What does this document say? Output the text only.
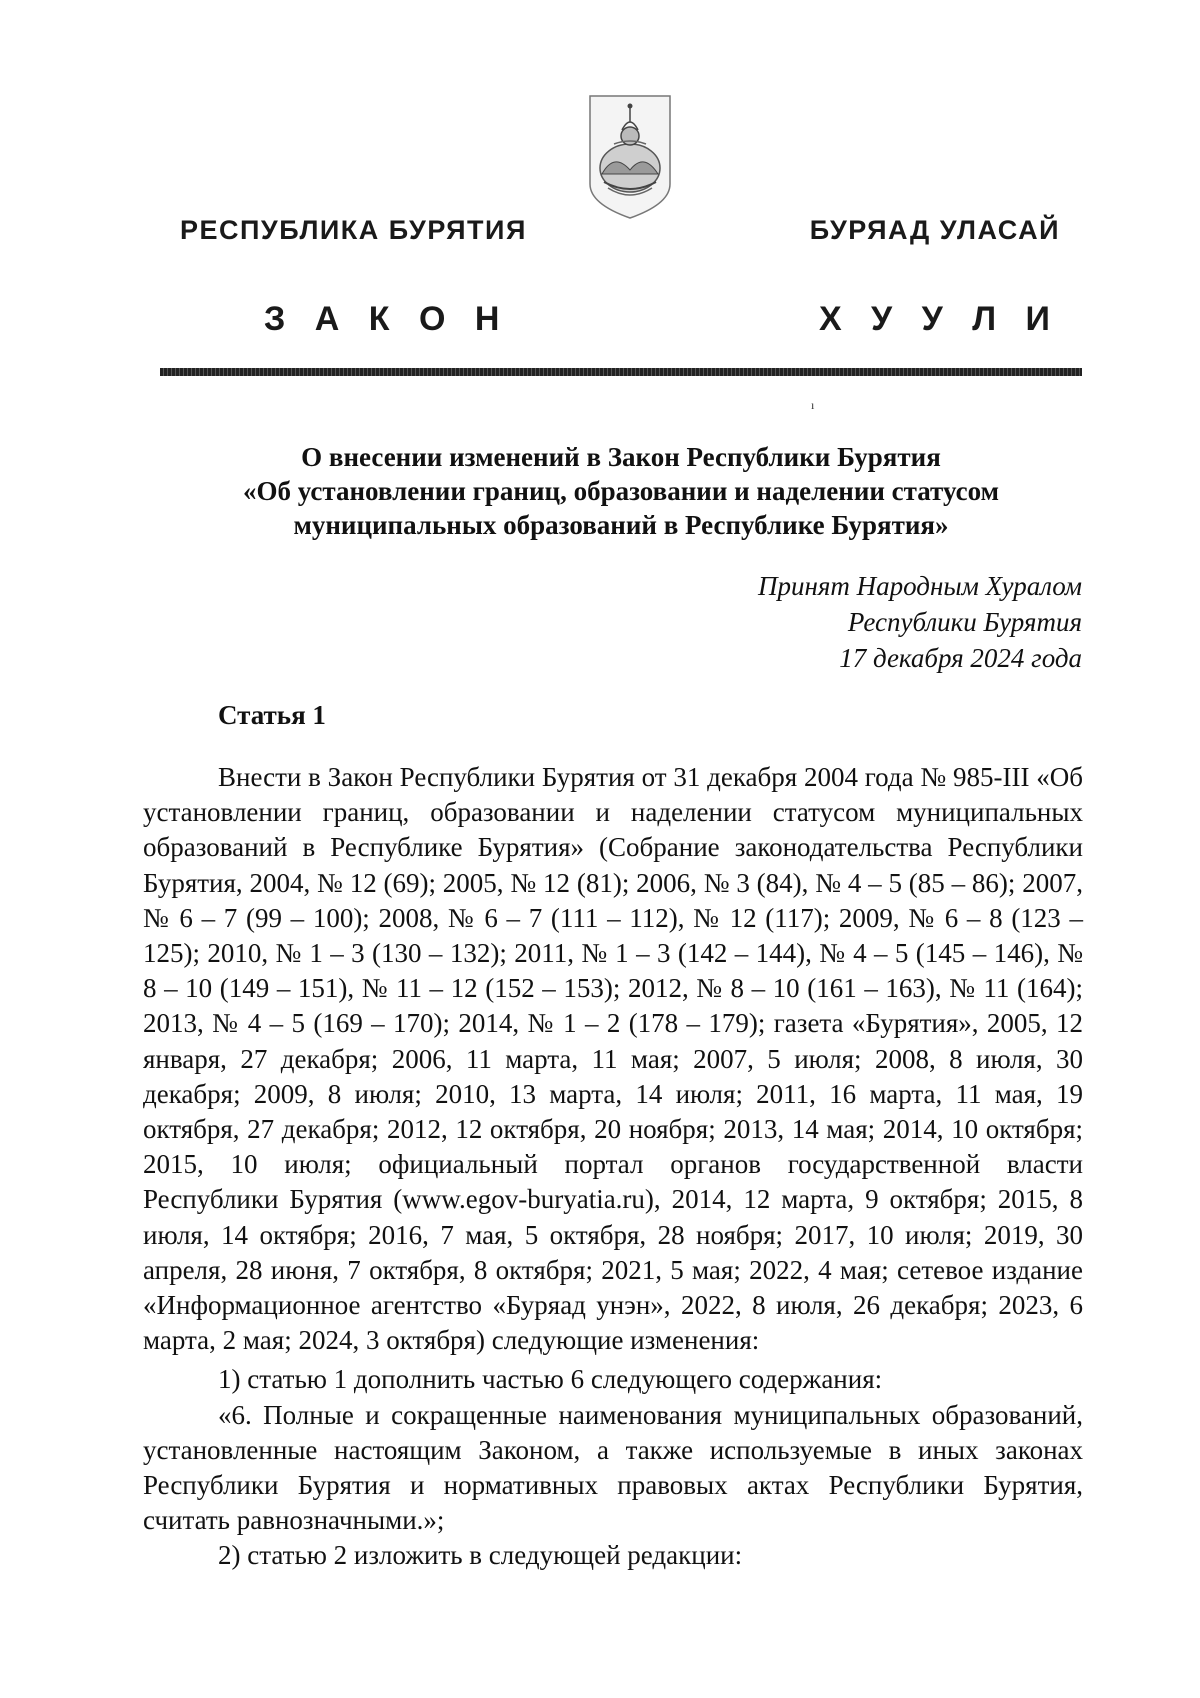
РЕСПУБЛИКА БУРЯТИЯ	БУРЯАД УЛАСАЙ
З А К О Н	Х У У Л И
ı
О внесении изменений в Закон Республики Бурятия
«Об установлении границ, образовании и наделении статусом
муниципальных образований в Республике Бурятия»
Принят Народным Хуралом
Республики Бурятия
17 декабря 2024 года
Статья 1

Внести в Закон Республики Бурятия от 31 декабря 2004 года № 985-III «Об установлении границ, образовании и наделении статусом муниципальных образований в Республике Бурятия» (Собрание законодательства Республики Бурятия, 2004, № 12 (69); 2005, № 12 (81); 2006, № 3 (84), № 4 – 5 (85 – 86); 2007, № 6 – 7 (99 – 100); 2008, № 6 – 7 (111 – 112), № 12 (117); 2009, № 6 – 8 (123 – 125); 2010, № 1 – 3 (130 – 132); 2011, № 1 – 3 (142 – 144), № 4 – 5 (145 – 146), № 8 – 10 (149 – 151), № 11 – 12 (152 – 153); 2012, № 8 – 10 (161 – 163), № 11 (164); 2013, № 4 – 5 (169 – 170); 2014, № 1 – 2 (178 – 179); газета «Бурятия», 2005, 12 января, 27 декабря; 2006, 11 марта, 11 мая; 2007, 5 июля; 2008, 8 июля, 30 декабря; 2009, 8 июля; 2010, 13 марта, 14 июля; 2011, 16 марта, 11 мая, 19 октября, 27 декабря; 2012, 12 октября, 20 ноября; 2013, 14 мая; 2014, 10 октября; 2015, 10 июля; официальный портал органов государственной власти Республики Бурятия (www.egov-buryatia.ru), 2014, 12 марта, 9 октября; 2015, 8 июля, 14 октября; 2016, 7 мая, 5 октября, 28 ноября; 2017, 10 июля; 2019, 30 апреля, 28 июня, 7 октября, 8 октября; 2021, 5 мая; 2022, 4 мая; сетевое издание «Информационное агентство «Буряад унэн», 2022, 8 июля, 26 декабря; 2023, 6 марта, 2 мая; 2024, 3 октября) следующие изменения:

1) статью 1 дополнить частью 6 следующего содержания:

«6. Полные и сокращенные наименования муниципальных образований, установленные настоящим Законом, а также используемые в иных законах Республики Бурятия и нормативных правовых актах Республики Бурятия, считать равнозначными.»;

2) статью 2 изложить в следующей редакции:
